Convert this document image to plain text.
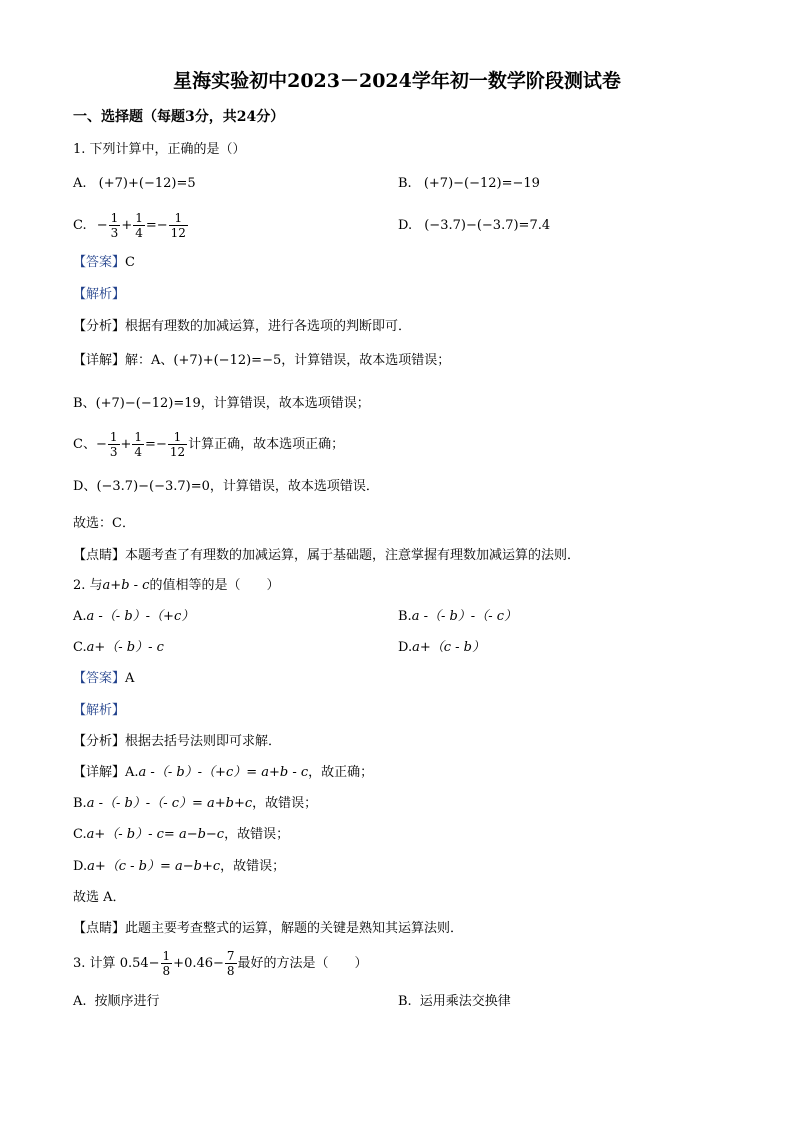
星海实验初中2023－2024学年初一数学阶段测试卷
一、选择题（每题3分，共24分）
1. 下列计算中，正确的是（）
A. (+7)+(−12)=5	B. (+7)−(−12)=−19
C. − $\frac{1}{3} + \frac{1}{4} =- \frac{1}{12}$	D. (−3.7)−(−3.7)=7.4
【答案】C
【解析】
【分析】根据有理数的加减运算，进行各选项的判断即可．
【详解】解：A、(+7)+(−12)=−5，计算错误，故本选项错误；
B、(+7)−(−12)=19，计算错误，故本选项错误；
C、− $\frac{1}{3} + \frac{1}{4} =- \frac{1}{12}$ 计算正确，故本选项正确；
D、(−3.7)−(−3.7)=0，计算错误，故本选项错误．
故选：C．
【点睛】本题考查了有理数的加减运算，属于基础题，注意掌握有理数加减运算的法则．
2. 与a+b - c的值相等的是（　　）
A.a -（- b）-（+c）	B.a -（- b）-（- c）
C.a+（- b）- c	D.a+（c - b）
【答案】A
【解析】
【分析】根据去括号法则即可求解．
【详解】A.a -（- b）-（+c）= a+b - c，故正确；
B.a -（- b）-（- c）= a+b+c，故错误；
C.a+（- b）- c= a−b−c，故错误；
D.a+（c - b）= a−b+c，故错误；
故选 A．
【点睛】此题主要考查整式的运算，解题的关键是熟知其运算法则．
3. 计算 $0.54- \frac{1}{8} +0.46- \frac{7}{8}$ 最好的方法是（　　）
A. 按顺序进行	B. 运用乘法交换律
